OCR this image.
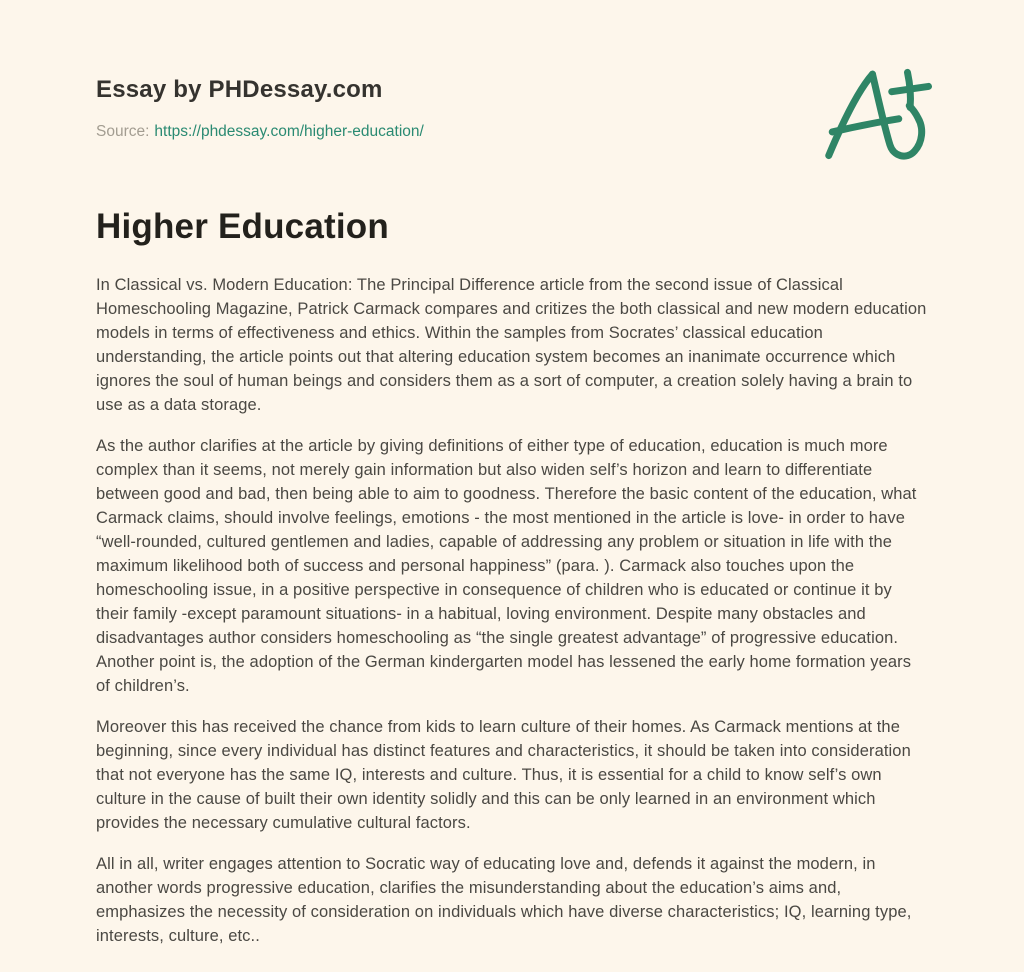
Essay by PHDessay.com
Source: https://phdessay.com/higher-education/
Higher Education

In Classical vs. Modern Education: The Principal Difference article from the second issue of Classical Homeschooling Magazine, Patrick Carmack compares and critizes the both classical and new modern education models in terms of effectiveness and ethics. Within the samples from Socrates’ classical education understanding, the article points out that altering education system becomes an inanimate occurrence which ignores the soul of human beings and considers them as a sort of computer, a creation solely having a brain to use as a data storage.

As the author clarifies at the article by giving definitions of either type of education, education is much more complex than it seems, not merely gain information but also widen self’s horizon and learn to differentiate between good and bad, then being able to aim to goodness. Therefore the basic content of the education, what Carmack claims, should involve feelings, emotions - the most mentioned in the article is love- in order to have “well-rounded, cultured gentlemen and ladies, capable of addressing any problem or situation in life with the maximum likelihood both of success and personal happiness” (para. ). Carmack also touches upon the homeschooling issue, in a positive perspective in consequence of children who is educated or continue it by their family -except paramount situations- in a habitual, loving environment. Despite many obstacles and disadvantages author considers homeschooling as “the single greatest advantage” of progressive education. Another point is, the adoption of the German kindergarten model has lessened the early home formation years of children’s.

Moreover this has received the chance from kids to learn culture of their homes. As Carmack mentions at the beginning, since every individual has distinct features and characteristics, it should be taken into consideration that not everyone has the same IQ, interests and culture. Thus, it is essential for a child to know self’s own culture in the cause of built their own identity solidly and this can be only learned in an environment which provides the necessary cumulative cultural factors.

All in all, writer engages attention to Socratic way of educating love and, defends it against the modern, in another words progressive education, clarifies the misunderstanding about the education’s aims and, emphasizes the necessity of consideration on individuals which have diverse characteristics; IQ, learning type, interests, culture, etc..
